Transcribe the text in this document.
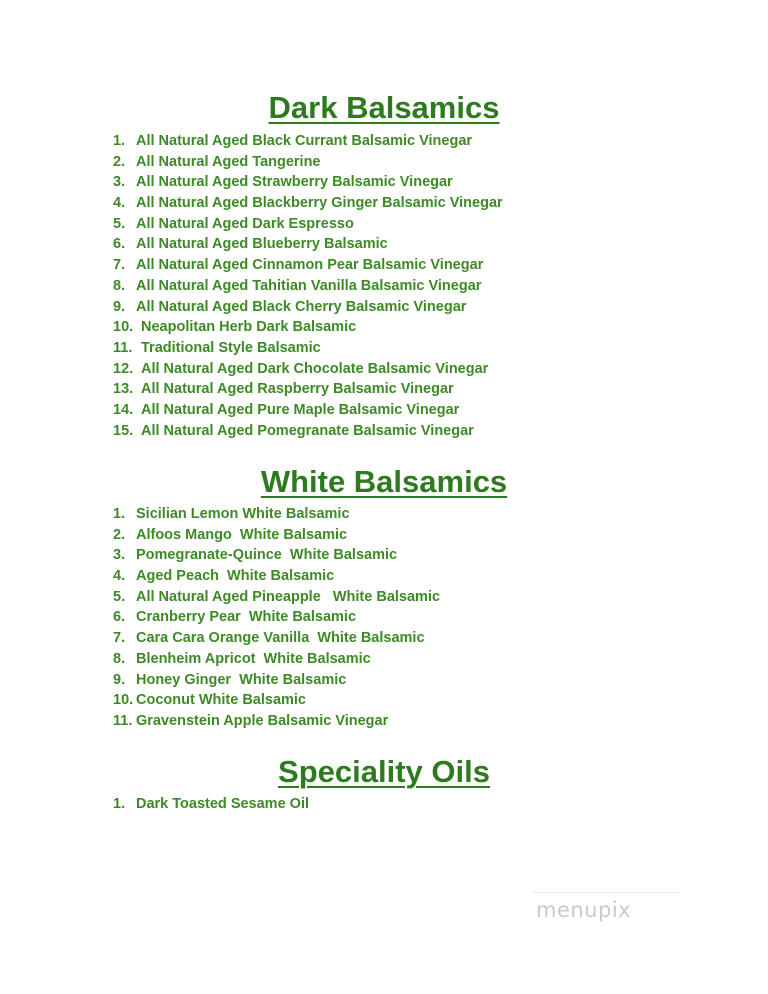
Dark Balsamics
1. All Natural Aged Black Currant Balsamic Vinegar
2. All Natural Aged Tangerine
3. All Natural Aged Strawberry Balsamic Vinegar
4. All Natural Aged Blackberry Ginger Balsamic Vinegar
5. All Natural Aged Dark Espresso
6. All Natural Aged Blueberry Balsamic
7. All Natural Aged Cinnamon Pear Balsamic Vinegar
8. All Natural Aged Tahitian Vanilla Balsamic Vinegar
9. All Natural Aged Black Cherry Balsamic Vinegar
10. Neapolitan Herb Dark Balsamic
11. Traditional Style Balsamic
12. All Natural Aged Dark Chocolate Balsamic Vinegar
13. All Natural Aged Raspberry Balsamic Vinegar
14. All Natural Aged Pure Maple Balsamic Vinegar
15. All Natural Aged Pomegranate Balsamic Vinegar
White Balsamics
1. Sicilian Lemon White Balsamic
2. Alfoos Mango  White Balsamic
3. Pomegranate-Quince  White Balsamic
4. Aged Peach  White Balsamic
5. All Natural Aged Pineapple   White Balsamic
6. Cranberry Pear  White Balsamic
7. Cara Cara Orange Vanilla  White Balsamic
8. Blenheim Apricot  White Balsamic
9. Honey Ginger  White Balsamic
10. Coconut White Balsamic
11. Gravenstein Apple Balsamic Vinegar
Speciality Oils
1. Dark Toasted Sesame Oil
menupix
